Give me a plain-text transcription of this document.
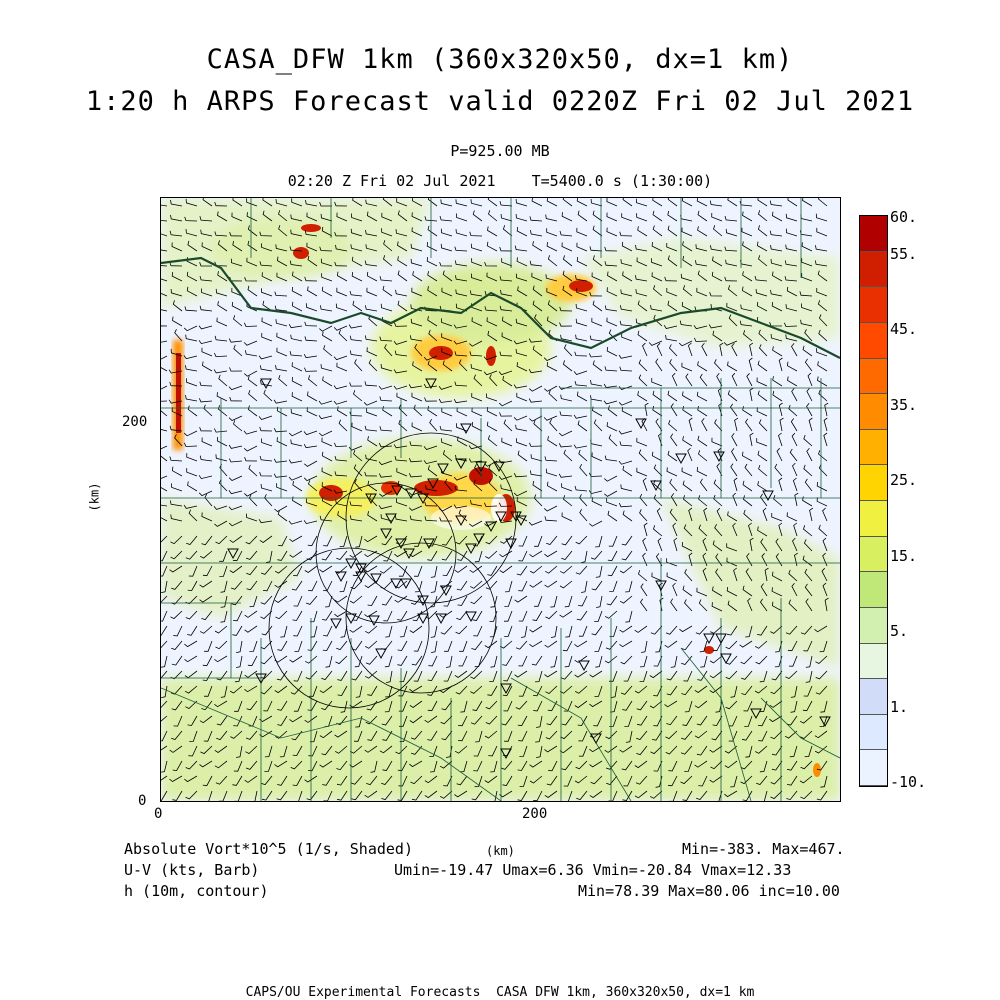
CASA_DFW 1km (360x320x50, dx=1 km)
1:20 h ARPS Forecast valid 0220Z Fri 02 Jul 2021
P=925.00 MB
02:20 Z Fri 02 Jul 2021    T=5400.0 s (1:30:00)
200
0
(km)
0	200
60.
55.
45.
35.
25.
15.
5.
1.
-10.
Absolute Vort*10^5 (1/s, Shaded)
U-V (kts, Barb)
h (10m, contour)
(km)	Min=-383. Max=467.
Umin=-19.47 Umax=6.36 Vmin=-20.84 Vmax=12.33
Min=78.39 Max=80.06 inc=10.00
CAPS/OU Experimental Forecasts  CASA DFW 1km, 360x320x50, dx=1 km
